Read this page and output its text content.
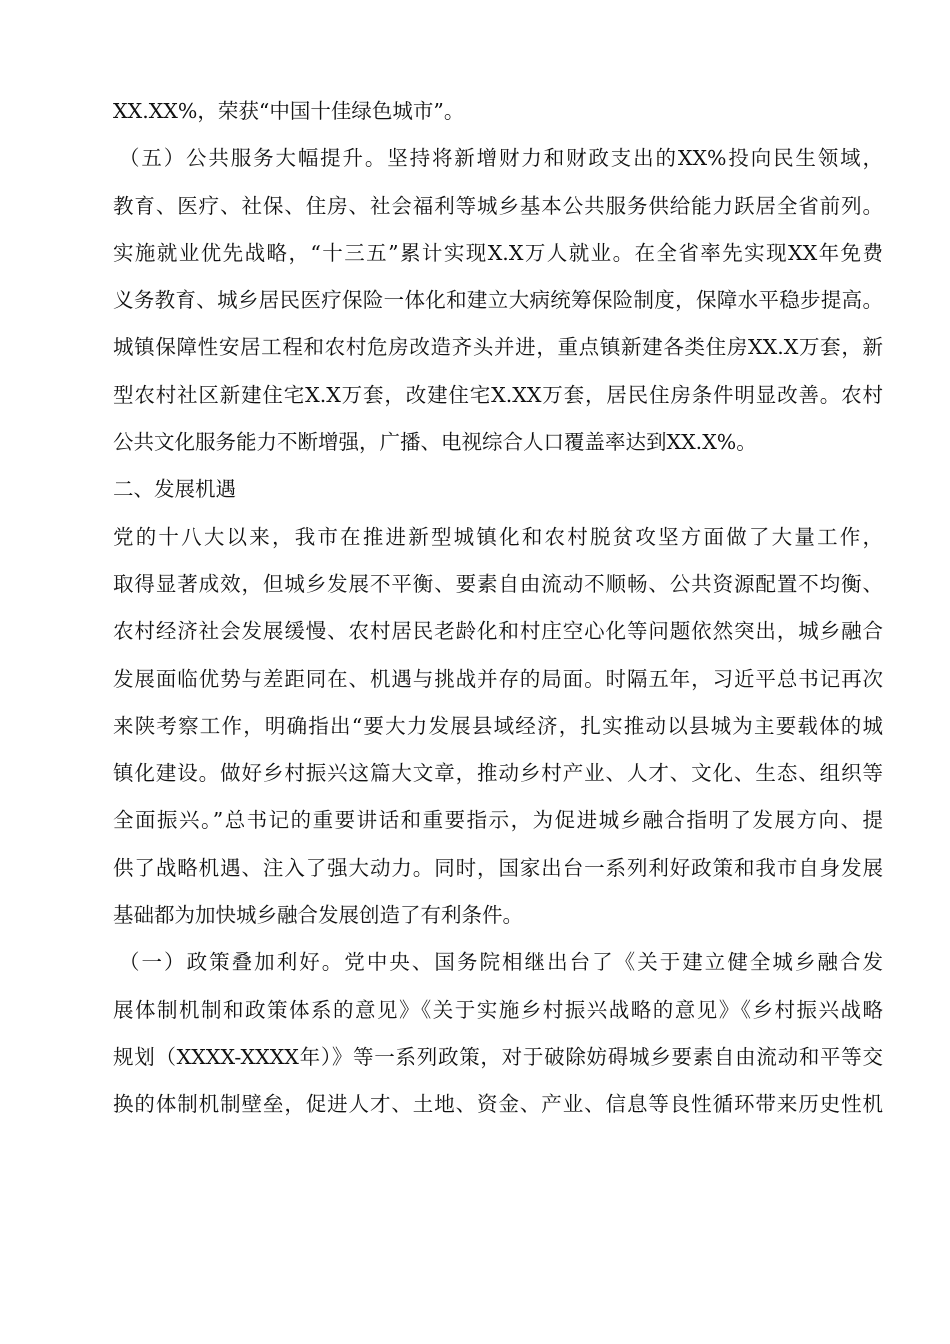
XX.XX%，荣获“中国十佳绿色城市”。
（五）公共服务大幅提升。坚持将新增财力和财政支出的XX%投向民生领域，
教育、医疗、社保、住房、社会福利等城乡基本公共服务供给能力跃居全省前列。
实施就业优先战略，“十三五”累计实现X.X万人就业。在全省率先实现XX年免费
义务教育、城乡居民医疗保险一体化和建立大病统筹保险制度，保障水平稳步提高。
城镇保障性安居工程和农村危房改造齐头并进，重点镇新建各类住房XX.X万套，新
型农村社区新建住宅X.X万套，改建住宅X.XX万套，居民住房条件明显改善。农村
公共文化服务能力不断增强，广播、电视综合人口覆盖率达到XX.X%。
二、发展机遇
党的十八大以来，我市在推进新型城镇化和农村脱贫攻坚方面做了大量工作，
取得显著成效，但城乡发展不平衡、要素自由流动不顺畅、公共资源配置不均衡、
农村经济社会发展缓慢、农村居民老龄化和村庄空心化等问题依然突出，城乡融合
发展面临优势与差距同在、机遇与挑战并存的局面。时隔五年，习近平总书记再次
来陕考察工作，明确指出“要大力发展县域经济，扎实推动以县城为主要载体的城
镇化建设。做好乡村振兴这篇大文章，推动乡村产业、人才、文化、生态、组织等
全面振兴。”总书记的重要讲话和重要指示，为促进城乡融合指明了发展方向、提
供了战略机遇、注入了强大动力。同时，国家出台一系列利好政策和我市自身发展
基础都为加快城乡融合发展创造了有利条件。
（一）政策叠加利好。党中央、国务院相继出台了《关于建立健全城乡融合发
展体制机制和政策体系的意见》《关于实施乡村振兴战略的意见》《乡村振兴战略
规划（XXXX-XXXX年）》等一系列政策，对于破除妨碍城乡要素自由流动和平等交
换的体制机制壁垒，促进人才、土地、资金、产业、信息等良性循环带来历史性机
